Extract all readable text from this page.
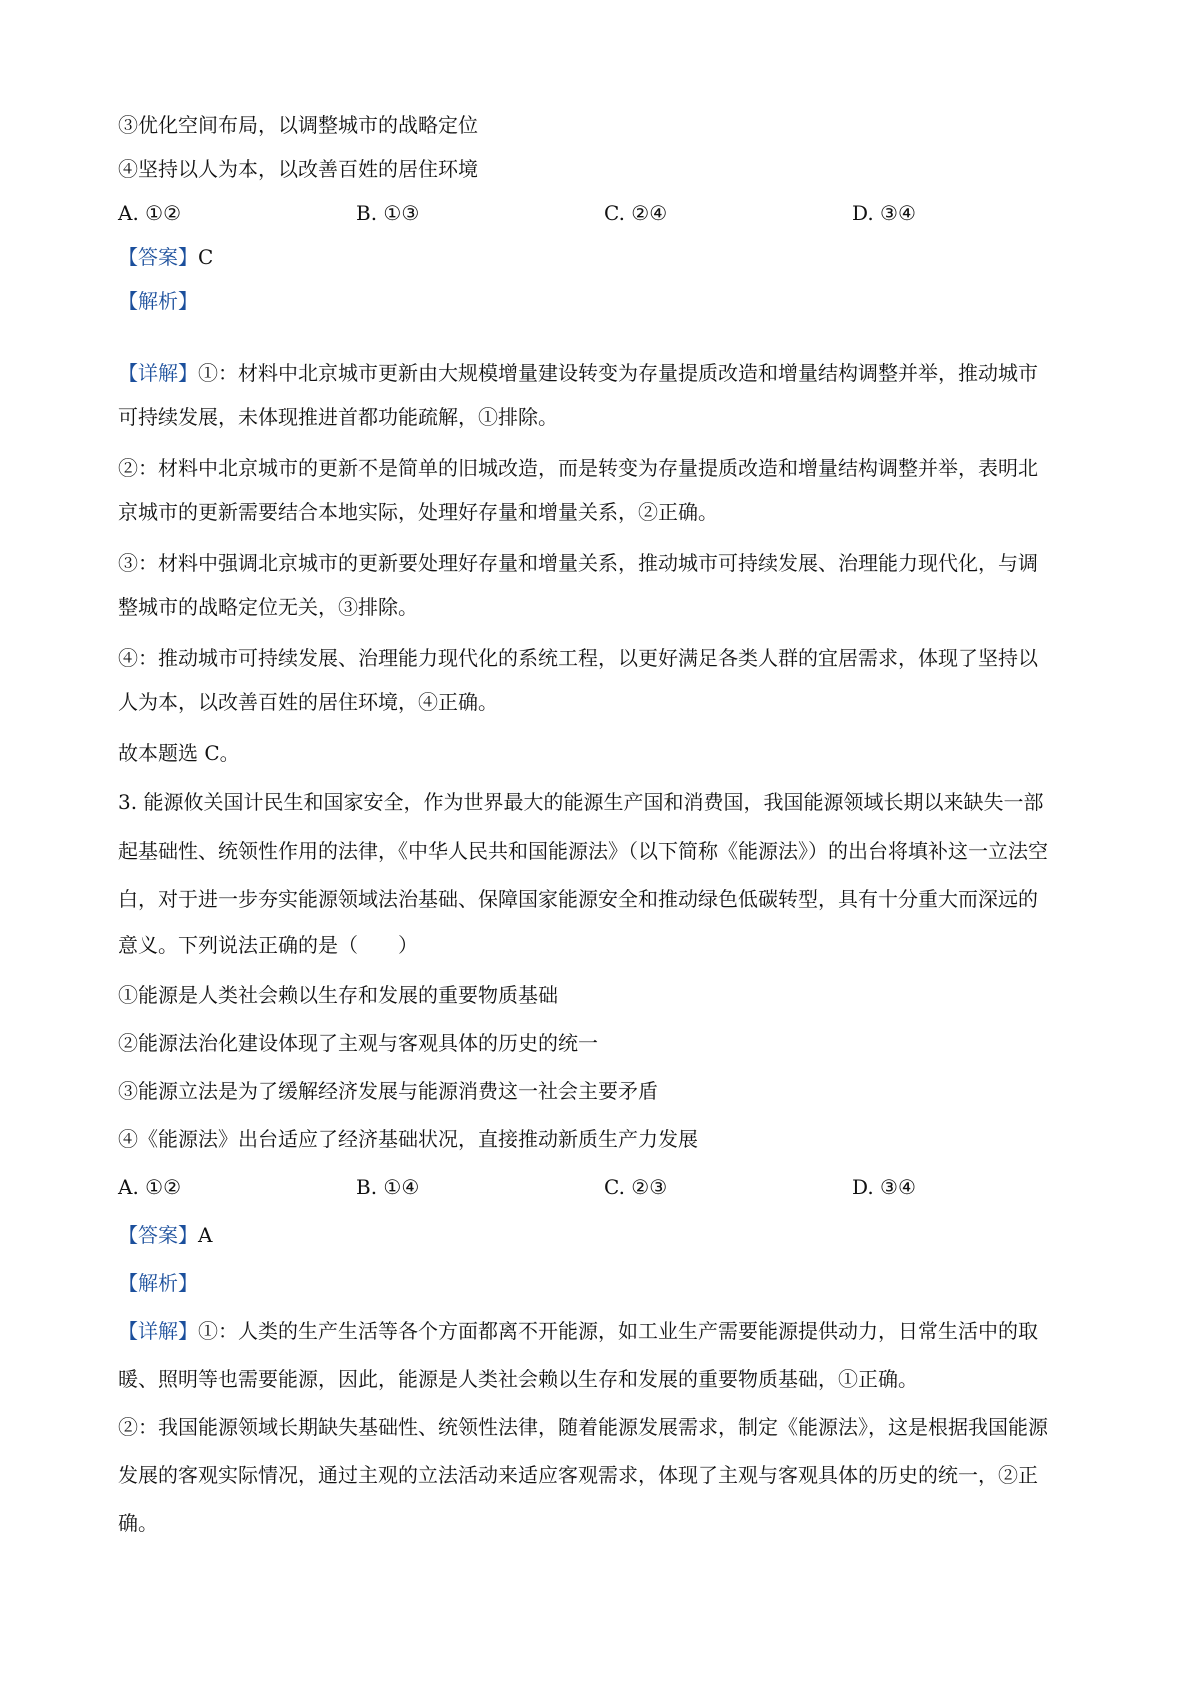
③优化空间布局，以调整城市的战略定位
④坚持以人为本，以改善百姓的居住环境
A. ①②	B. ①③	C. ②④	D. ③④
【答案】C
【解析】
【详解】①：材料中北京城市更新由大规模增量建设转变为存量提质改造和增量结构调整并举，推动城市
可持续发展，未体现推进首都功能疏解，①排除。
②：材料中北京城市的更新不是简单的旧城改造，而是转变为存量提质改造和增量结构调整并举，表明北
京城市的更新需要结合本地实际，处理好存量和增量关系，②正确。
③：材料中强调北京城市的更新要处理好存量和增量关系，推动城市可持续发展、治理能力现代化，与调
整城市的战略定位无关，③排除。
④：推动城市可持续发展、治理能力现代化的系统工程，以更好满足各类人群的宜居需求，体现了坚持以
人为本，以改善百姓的居住环境，④正确。
故本题选 C。
3. 能源攸关国计民生和国家安全，作为世界最大的能源生产国和消费国，我国能源领域长期以来缺失一部
起基础性、统领性作用的法律，《中华人民共和国能源法》（以下简称《能源法》）的出台将填补这一立法空
白，对于进一步夯实能源领域法治基础、保障国家能源安全和推动绿色低碳转型，具有十分重大而深远的
意义。下列说法正确的是（　　）
①能源是人类社会赖以生存和发展的重要物质基础
②能源法治化建设体现了主观与客观具体的历史的统一
③能源立法是为了缓解经济发展与能源消费这一社会主要矛盾
④《能源法》出台适应了经济基础状况，直接推动新质生产力发展
A. ①②	B. ①④	C. ②③	D. ③④
【答案】A
【解析】
【详解】①：人类的生产生活等各个方面都离不开能源，如工业生产需要能源提供动力，日常生活中的取
暖、照明等也需要能源，因此，能源是人类社会赖以生存和发展的重要物质基础，①正确。
②：我国能源领域长期缺失基础性、统领性法律，随着能源发展需求，制定《能源法》，这是根据我国能源
发展的客观实际情况，通过主观的立法活动来适应客观需求，体现了主观与客观具体的历史的统一，②正
确。
